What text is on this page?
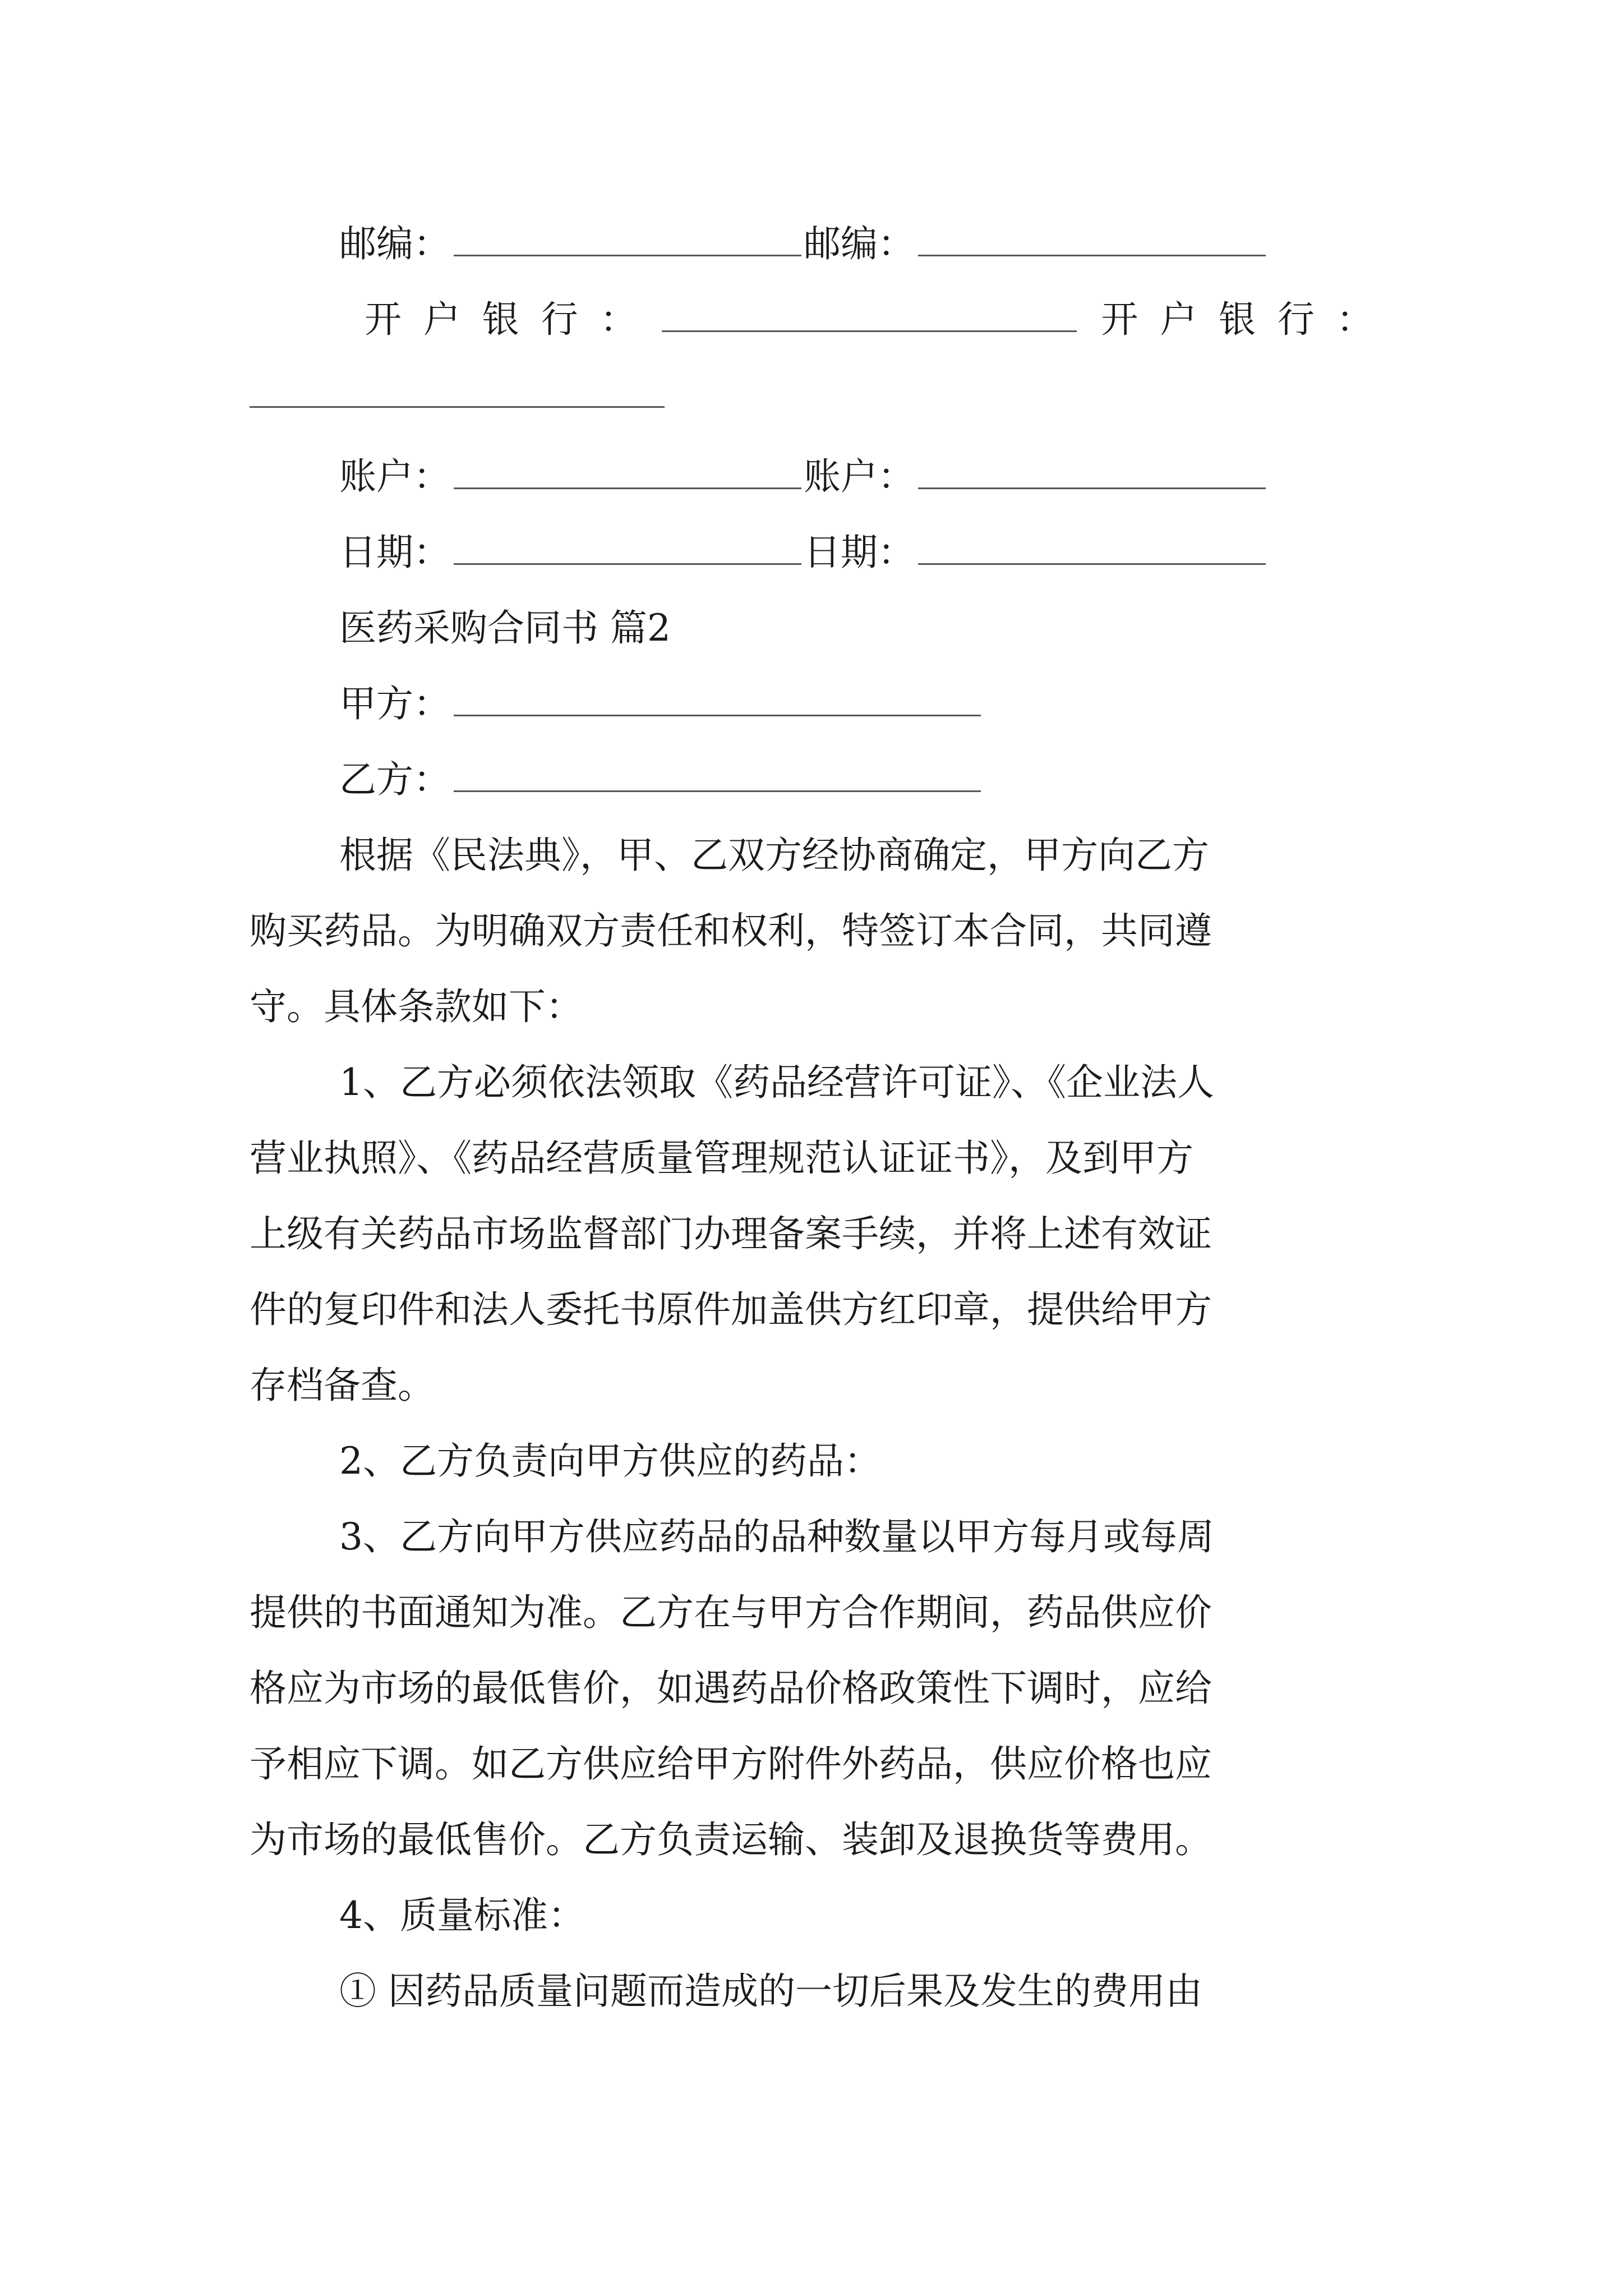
邮编：	邮编：
开 户 银 行 ：	开 户 银 行 ：
账户：	账户：
日期：	日期：
医药采购合同书 篇2
甲方：
乙方：
根据《民法典》，甲、乙双方经协商确定，甲方向乙方
购买药品。为明确双方责任和权利，特签订本合同，共同遵
守。具体条款如下：
1、乙方必须依法领取《药品经营许可证》、《企业法人
营业执照》、《药品经营质量管理规范认证证书》，及到甲方
上级有关药品市场监督部门办理备案手续，并将上述有效证
件的复印件和法人委托书原件加盖供方红印章，提供给甲方
存档备查。
2、乙方负责向甲方供应的药品：
3、乙方向甲方供应药品的品种数量以甲方每月或每周
提供的书面通知为准。乙方在与甲方合作期间，药品供应价
格应为市场的最低售价，如遇药品价格政策性下调时，应给
予相应下调。如乙方供应给甲方附件外药品，供应价格也应
为市场的最低售价。乙方负责运输、装卸及退换货等费用。
4、质量标准：
① 因药品质量问题而造成的一切后果及发生的费用由
